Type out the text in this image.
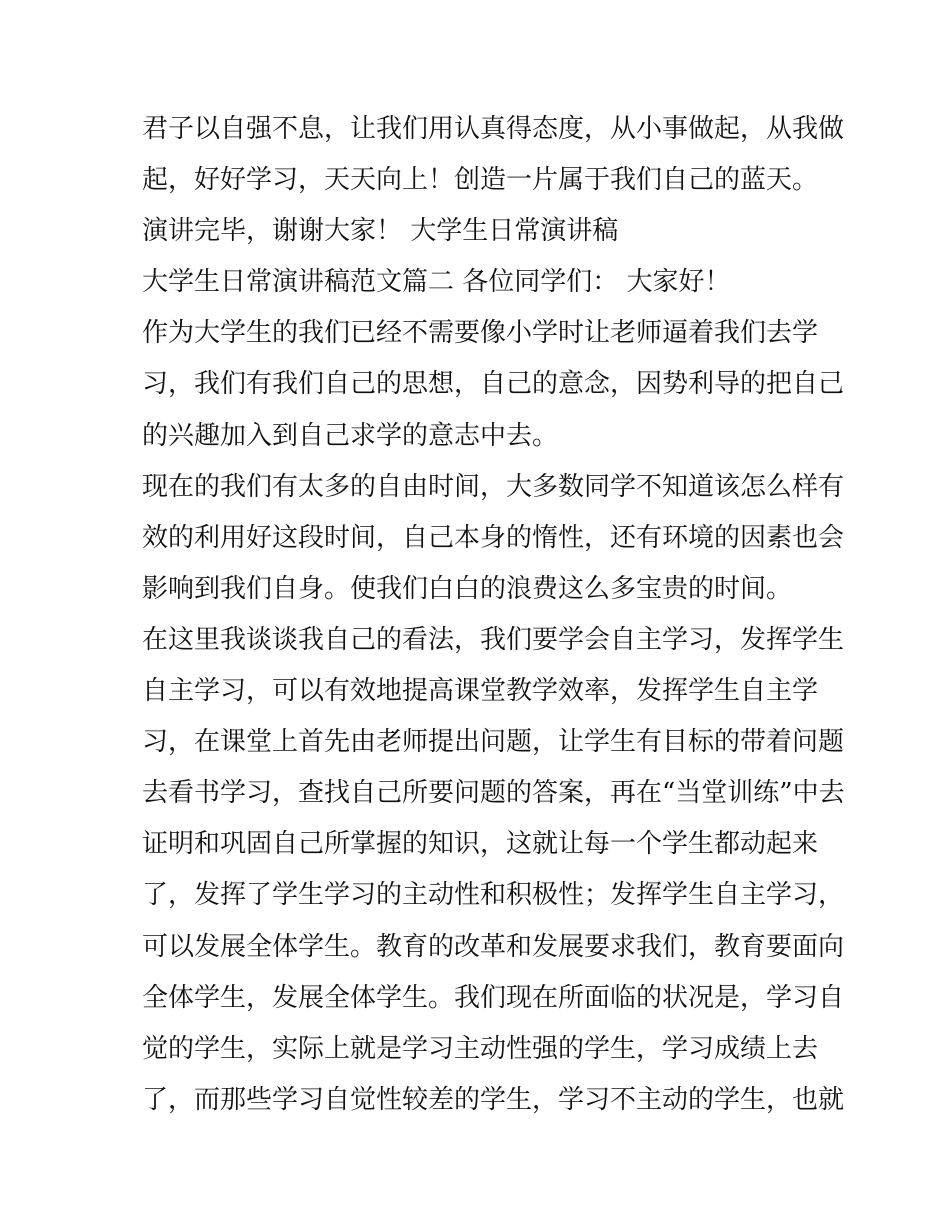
君子以自强不息，让我们用认真得态度，从小事做起，从我做
起，好好学习，天天向上！创造一片属于我们自己的蓝天。
演讲完毕，谢谢大家！ 大学生日常演讲稿
大学生日常演讲稿范文篇二 各位同学们： 大家好！
作为大学生的我们已经不需要像小学时让老师逼着我们去学
习，我们有我们自己的思想，自己的意念，因势利导的把自己
的兴趣加入到自己求学的意志中去。
现在的我们有太多的自由时间，大多数同学不知道该怎么样有
效的利用好这段时间，自己本身的惰性，还有环境的因素也会
影响到我们自身。使我们白白的浪费这么多宝贵的时间。
在这里我谈谈我自己的看法，我们要学会自主学习，发挥学生
自主学习，可以有效地提高课堂教学效率，发挥学生自主学
习，在课堂上首先由老师提出问题，让学生有目标的带着问题
去看书学习，查找自己所要问题的答案，再在“当堂训练”中去
证明和巩固自己所掌握的知识，这就让每一个学生都动起来
了，发挥了学生学习的主动性和积极性；发挥学生自主学习，
可以发展全体学生。教育的改革和发展要求我们，教育要面向
全体学生，发展全体学生。我们现在所面临的状况是，学习自
觉的学生，实际上就是学习主动性强的学生，学习成绩上去
了，而那些学习自觉性较差的学生，学习不主动的学生，也就
